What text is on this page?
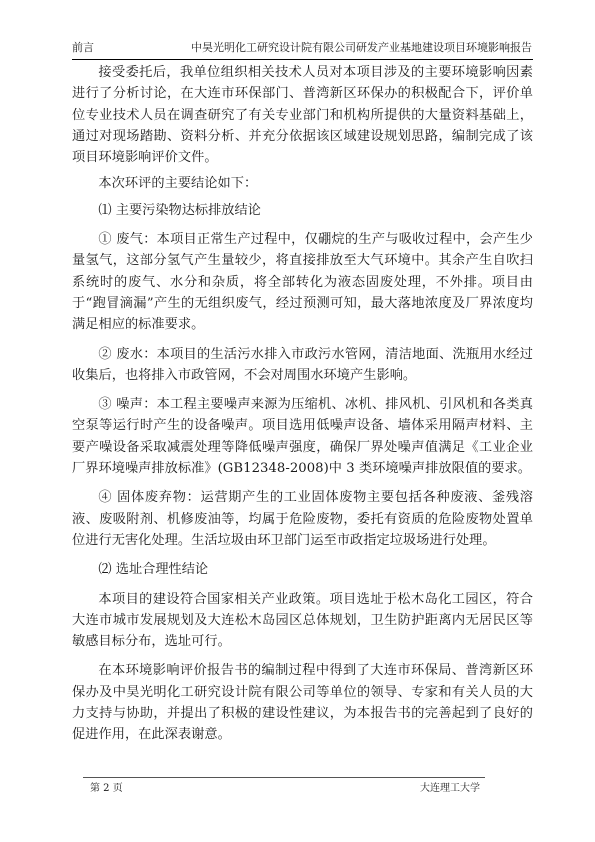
前言	中昊光明化工研究设计院有限公司研发产业基地建设项目环境影响报告

接受委托后，我单位组织相关技术人员对本项目涉及的主要环境影响因素进行了分析讨论，在大连市环保部门、普湾新区环保办的积极配合下，评价单位专业技术人员在调查研究了有关专业部门和机构所提供的大量资料基础上，通过对现场踏勘、资料分析、并充分依据该区域建设规划思路，编制完成了该项目环境影响评价文件。

本次环评的主要结论如下：

⑴ 主要污染物达标排放结论

① 废气：本项目正常生产过程中，仅硼烷的生产与吸收过程中，会产生少量氢气，这部分氢气产生量较少，将直接排放至大气环境中。其余产生自吹扫系统时的废气、水分和杂质，将全部转化为液态固废处理，不外排。项目由于“跑冒滴漏”产生的无组织废气，经过预测可知，最大落地浓度及厂界浓度均满足相应的标准要求。

② 废水：本项目的生活污水排入市政污水管网，清洁地面、洗瓶用水经过收集后，也将排入市政管网，不会对周围水环境产生影响。

③ 噪声：本工程主要噪声来源为压缩机、冰机、排风机、引风机和各类真空泵等运行时产生的设备噪声。项目选用低噪声设备、墙体采用隔声材料、主要产噪设备采取减震处理等降低噪声强度，确保厂界处噪声值满足《工业企业厂界环境噪声排放标准》(GB12348-2008)中 3 类环境噪声排放限值的要求。

④ 固体废弃物：运营期产生的工业固体废物主要包括各种废液、釜残溶液、废吸附剂、机修废油等，均属于危险废物，委托有资质的危险废物处置单位进行无害化处理。生活垃圾由环卫部门运至市政指定垃圾场进行处理。

⑵ 选址合理性结论

本项目的建设符合国家相关产业政策。项目选址于松木岛化工园区，符合大连市城市发展规划及大连松木岛园区总体规划，卫生防护距离内无居民区等敏感目标分布，选址可行。

在本环境影响评价报告书的编制过程中得到了大连市环保局、普湾新区环保办及中昊光明化工研究设计院有限公司等单位的领导、专家和有关人员的大力支持与协助，并提出了积极的建设性建议，为本报告书的完善起到了良好的促进作用，在此深表谢意。

第 2 页	大连理工大学
